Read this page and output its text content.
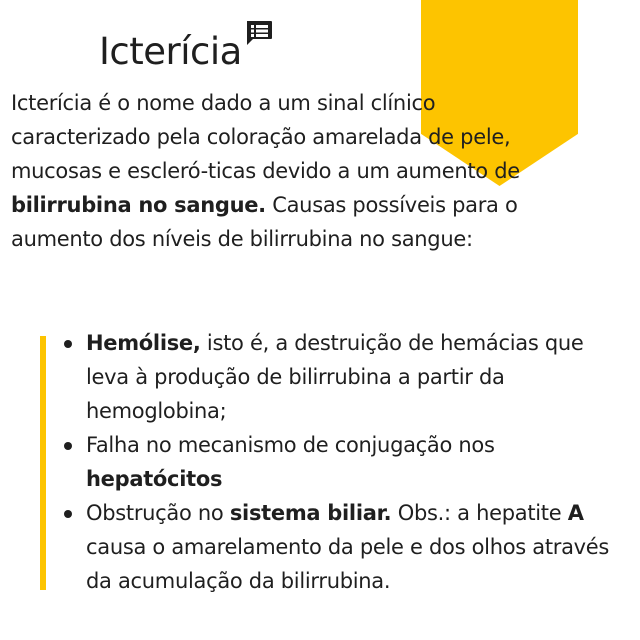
Icterícia

Icterícia é o nome dado a um sinal clínico caracterizado pela coloração amarelada de pele, mucosas e escleró-ticas devido a um aumento de bilirrubina no sangue. Causas possíveis para o aumento dos níveis de bilirrubina no sangue:

Hemólise, isto é, a destruição de hemácias que leva à produção de bilirrubina a partir da hemoglobina;
Falha no mecanismo de conjugação nos hepatócitos
Obstrução no sistema biliar. Obs.: a hepatite A causa o amarelamento da pele e dos olhos através da acumulação da bilirrubina.
